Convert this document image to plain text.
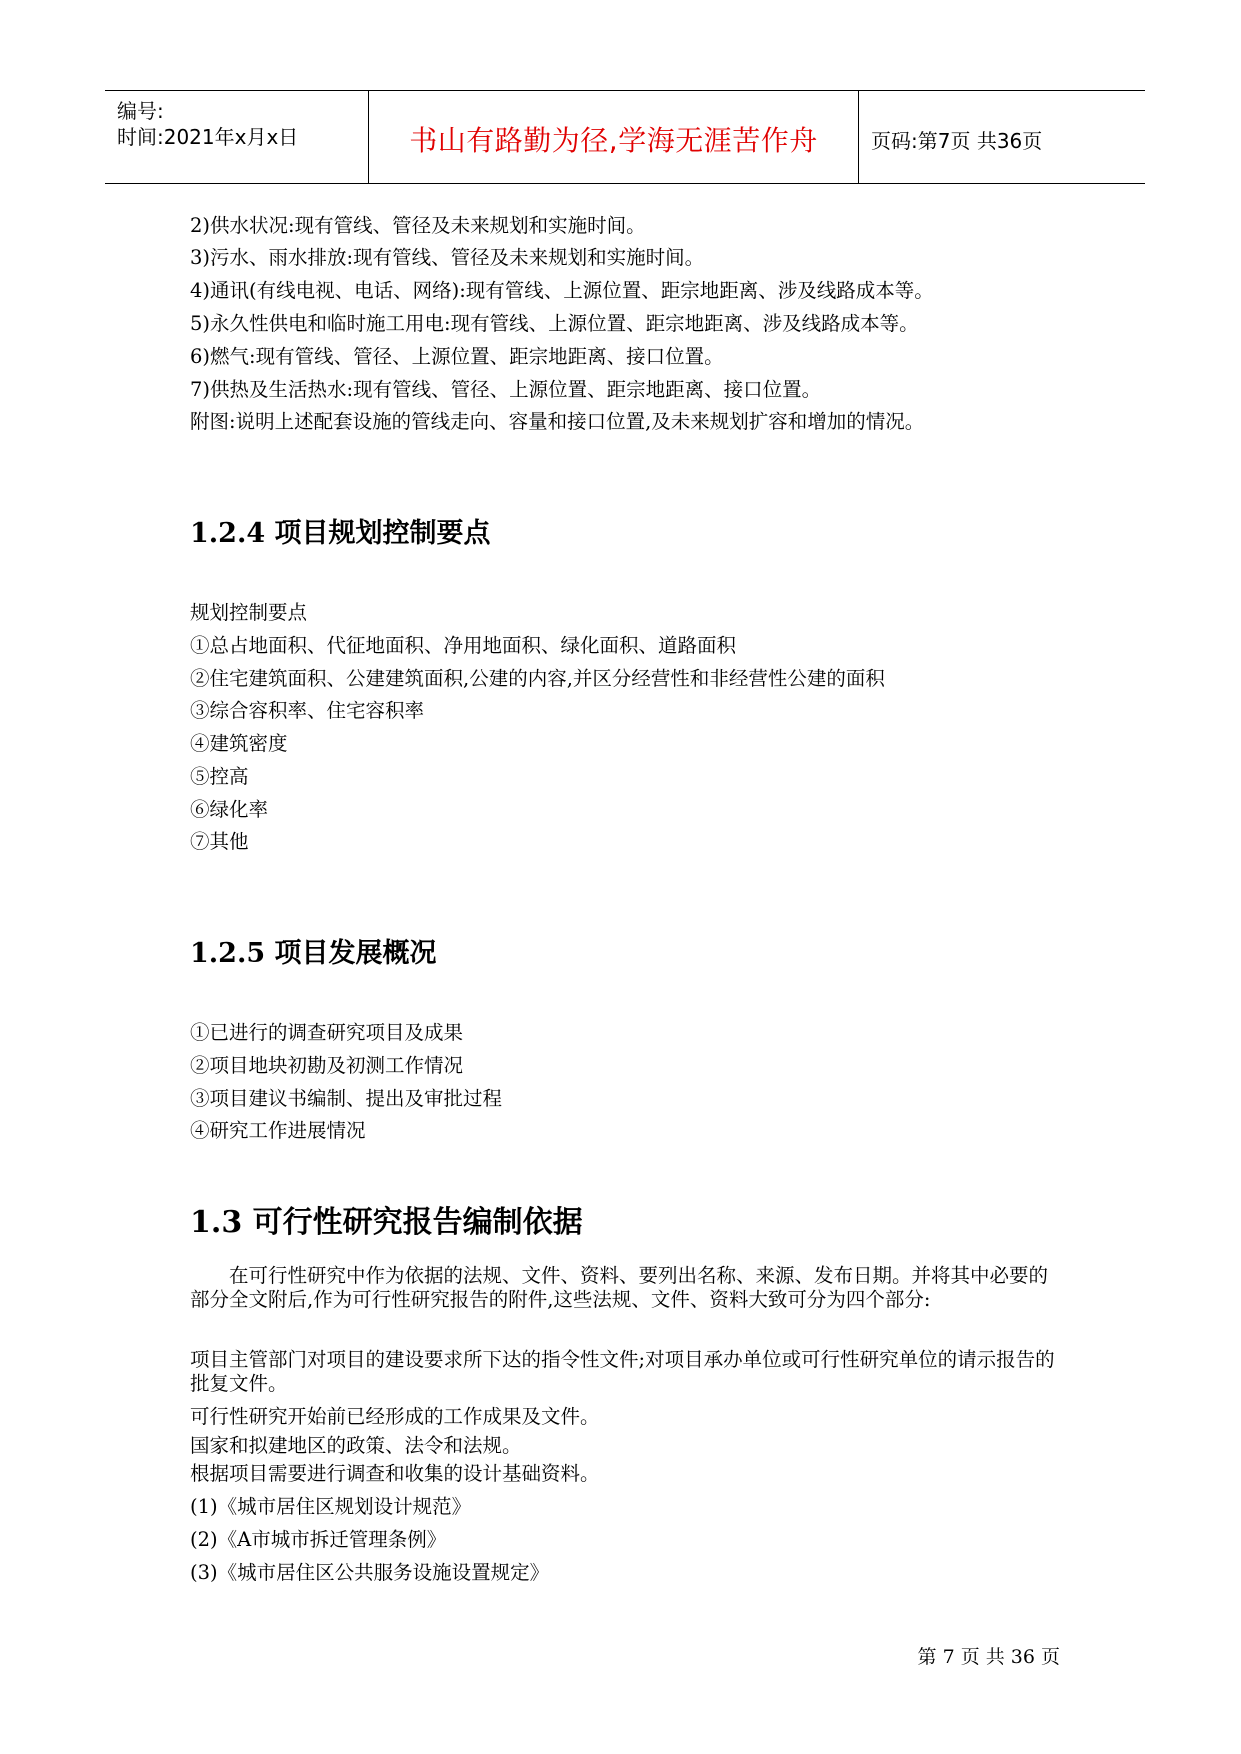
编号:
时间:2021年x月x日	书山有路勤为径,学海无涯苦作舟	页码:第7页 共36页
2)供水状况:现有管线、管径及未来规划和实施时间。
3)污水、雨水排放:现有管线、管径及未来规划和实施时间。
4)通讯(有线电视、电话、网络):现有管线、上源位置、距宗地距离、涉及线路成本等。
5)永久性供电和临时施工用电:现有管线、上源位置、距宗地距离、涉及线路成本等。
6)燃气:现有管线、管径、上源位置、距宗地距离、接口位置。
7)供热及生活热水:现有管线、管径、上源位置、距宗地距离、接口位置。
附图:说明上述配套设施的管线走向、容量和接口位置,及未来规划扩容和增加的情况。
1.2.4 项目规划控制要点
规划控制要点
①总占地面积、代征地面积、净用地面积、绿化面积、道路面积
②住宅建筑面积、公建建筑面积,公建的内容,并区分经营性和非经营性公建的面积
③综合容积率、住宅容积率
④建筑密度
⑤控高
⑥绿化率
⑦其他
1.2.5 项目发展概况
①已进行的调查研究项目及成果
②项目地块初勘及初测工作情况
③项目建议书编制、提出及审批过程
④研究工作进展情况
1.3 可行性研究报告编制依据
在可行性研究中作为依据的法规、文件、资料、要列出名称、来源、发布日期。并将其中必要的部分全文附后,作为可行性研究报告的附件,这些法规、文件、资料大致可分为四个部分:
项目主管部门对项目的建设要求所下达的指令性文件;对项目承办单位或可行性研究单位的请示报告的批复文件。
可行性研究开始前已经形成的工作成果及文件。
国家和拟建地区的政策、法令和法规。
根据项目需要进行调查和收集的设计基础资料。
(1)《城市居住区规划设计规范》
(2)《A市城市拆迁管理条例》
(3)《城市居住区公共服务设施设置规定》
第 7 页 共 36 页
